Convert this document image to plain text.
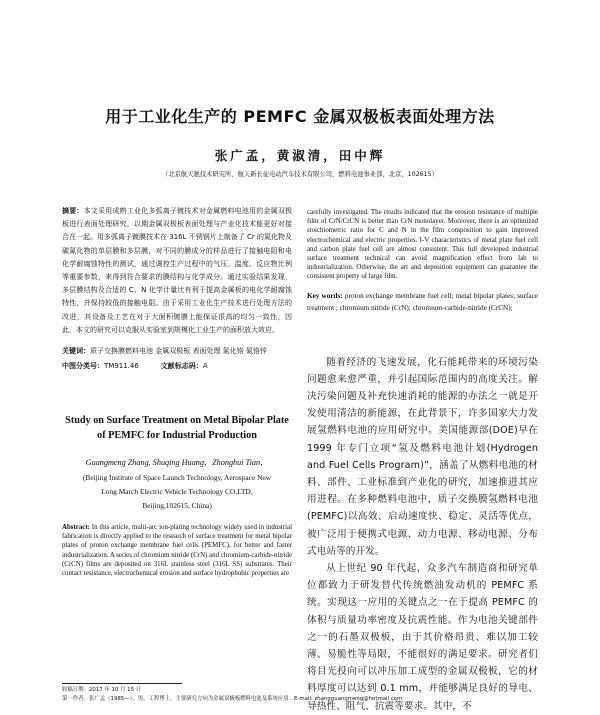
用于工业化生产的 PEMFC 金属双极板表面处理方法
张广孟，黄淑清，田中辉
（北京航天驰技术研究所，航天新长征电动汽车技术有限公司，燃料电池事业部，北京，102615）

摘要：本文采用成熟工业化多弧离子镀技术对金属燃料电池用的金属双极板进行表面处理研究，以期金属双极板表面处理与产业化技术能更好对接合在一起。用多弧离子镀膜技术在 316L 不锈钢片上制备了 Cr 的氮化物及碳氮化物的单层膜和多层膜，对不同的膜成分的样品进行了接触电阻和电化学耐腐蚀特性的测试，通过调控生产过程中的气压、温度、反应物比例等重要参数，来得到符合要求的膜结构与化学成分。通过实验结果发现，多层膜结构及合适的 C、N 化学计量比有利于提高金属板的电化学耐腐蚀特性，并保持较低的接触电阻。由于采用工业化生产技术进行处理方法的改进，其设备及工艺在对于大面积镀膜上能保证很高的均匀一致性，因此，本文的研究可以克服从实验室到规模化工业生产的面积放大效应。

关键词：质子交换膜燃料电池 金属双极板 表面处理 氮化铬 氮铬锌

中图分类号：TM911.46	文献标志码：A

Study on Surface Treatment on Metal Bipolar Plate of PEMFC for Industrial Production
Guangmeng Zhang, Shuqing Huang，Zhonghui Tian，
(Beijing Institute of Space Launch Technology, Aerospace New
Long March Electric Vehicle Technology CO.LTD,
Beijing,102615, China)

Abstract: In this article, multi-arc ion-plating technology widely used in industrial fabrication is directly applied to the research of surface treatment for metal bipolar plates of proton exchange membrane fuel cells (PEMFC), for better and faster industrialization. A series of chromium nitride (CrN) and chromium-carbide-nitride (CrCN) films are deposited on 316L stainless steel (316L SS) substrates. Their contact resistance, electrochemical erosion and surface hydrophobic properties are

carefully investigated. The results indicated that the erosion resistance of multiple film of CrN/CrCN is better than CrN monolayer. Moreover, there is an optimized stoichiometric ratio for C and N in the film composition to gain improved electrochemical and electric properties. I-V characteristics of metal plate fuel cell and carbon plate fuel cell are almost consistent. This full developed industrial surface treatment technical can avoid magnification effect from lab to industrialization. Otherwise, the art and deposition equipment can guarantee the consistent property of large film.

Key words: proton exchange membrane fuel cell; metal bipolar plates; surface treatment ; chromium nitride (CrN); chromium-carbide-nitride (CrCN);

随着经济的飞速发展，化石能耗带来的环境污染问题愈来愈严重，并引起国际范围内的高度关注。解决污染问题及补充快速消耗的能源的办法之一就是开发使用清洁的新能源，在此背景下，许多国家大力发展氢燃料电池的应用研究中。美国能源部(DOE)早在 1999 年专门立项“氢及燃料电池计划(Hydrogen and Fuel Cells Program)”，涵盖了从燃料电池的材料、部件、工业标准到产业化的研究，加速推进其应用进程。在多种燃料电池中，质子交换膜氢燃料电池(PEMFC)以高效、启动速度快、稳定、灵活等优点，被广泛用于便携式电源、动力电源、移动电源、分布式电站等的开发。

从上世纪 90 年代起，众多汽车制造商和研究单位都致力于研发替代传统燃油发动机的 PEMFC 系统。实现这一应用的关键点之一在于提高 PEMFC 的体积与质量功率密度及抗震性能。作为电池关键部件之一的石墨双极板，由于其价格昂贵、难以加工较薄、易脆性等局限，不能很好的满足要求。研究者们将目光投向可以冲压加工成型的金属双极板，它的材料厚度可以达到 0.1 mm，并能够满足良好的导电、导热性、阻气、抗震等要求。其中，不

收稿日期：2017 年 10 月 15 日
第一作者：张广孟（1985—），男，工程博士，主要研究方向为金属双极板燃料电池及系统应用。E-mail: zhangguangmeng@hotmail.com
